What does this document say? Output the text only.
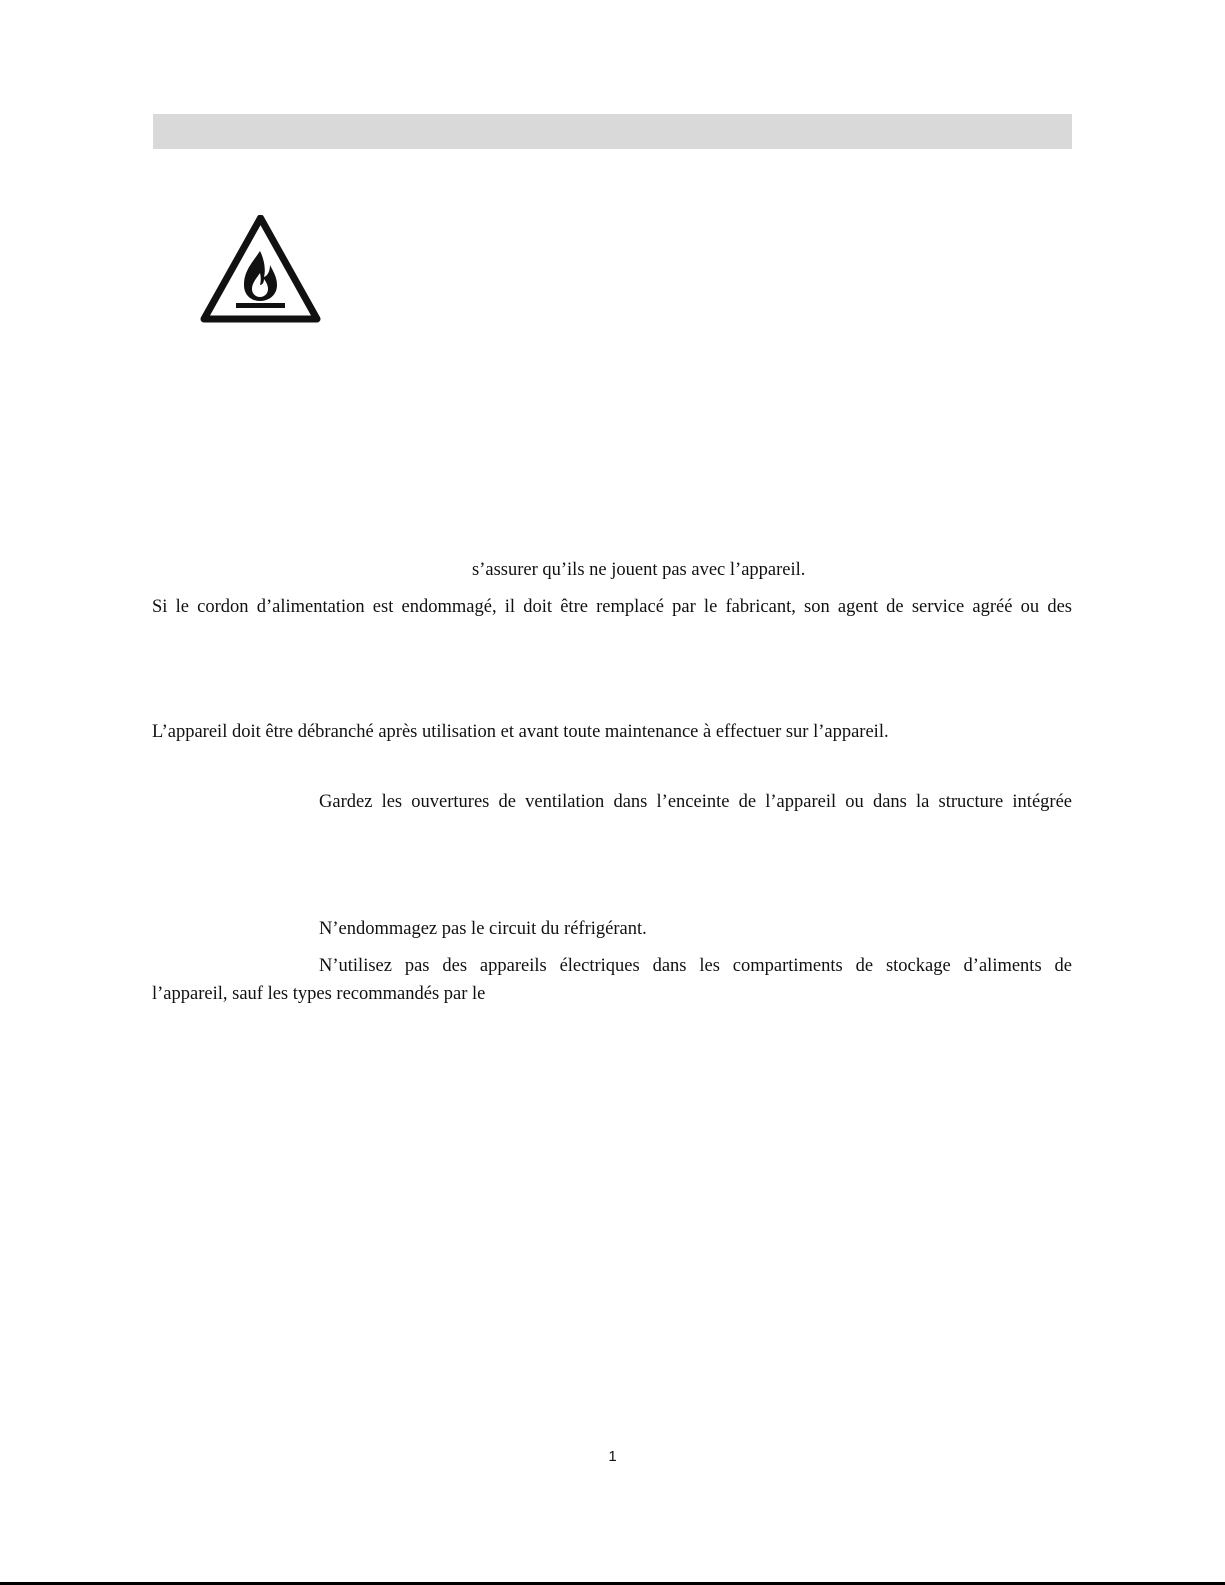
s’assurer qu’ils ne jouent pas avec l’appareil.
Si le cordon d’alimentation est endommagé, il doit être remplacé par le fabricant, son agent de service agréé ou des
L’appareil doit être débranché après utilisation et avant toute maintenance à effectuer sur l’appareil.
Gardez les ouvertures de ventilation dans l’enceinte de l’appareil ou dans la structure intégrée
N’endommagez pas le circuit du réfrigérant.
N’utilisez pas des appareils électriques dans les compartiments de stockage d’aliments de
l’appareil, sauf les types recommandés par le
1
